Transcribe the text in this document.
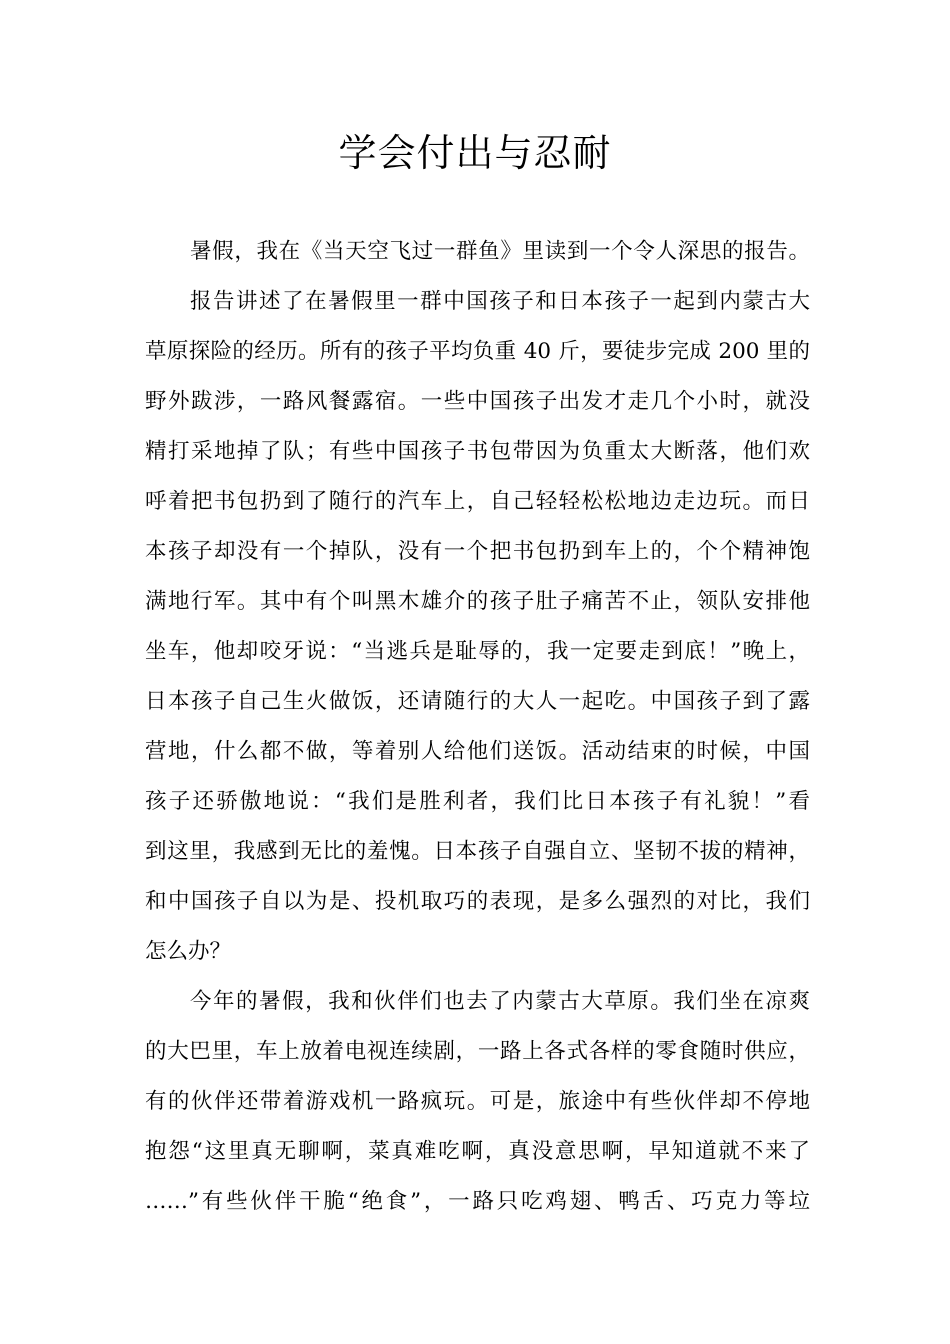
学会付出与忍耐
暑假，我在《当天空飞过一群鱼》里读到一个令人深思的报告。
报告讲述了在暑假里一群中国孩子和日本孩子一起到内蒙古大
草原探险的经历。所有的孩子平均负重 40 斤，要徒步完成 200 里的
野外跋涉，一路风餐露宿。一些中国孩子出发才走几个小时，就没
精打采地掉了队；有些中国孩子书包带因为负重太大断落，他们欢
呼着把书包扔到了随行的汽车上，自己轻轻松松地边走边玩。而日
本孩子却没有一个掉队，没有一个把书包扔到车上的，个个精神饱
满地行军。其中有个叫黑木雄介的孩子肚子痛苦不止，领队安排他
坐车，他却咬牙说：“当逃兵是耻辱的，我一定要走到底！”晚上，
日本孩子自己生火做饭，还请随行的大人一起吃。中国孩子到了露
营地，什么都不做，等着别人给他们送饭。活动结束的时候，中国
孩子还骄傲地说：“我们是胜利者，我们比日本孩子有礼貌！”看
到这里，我感到无比的羞愧。日本孩子自强自立、坚韧不拔的精神，
和中国孩子自以为是、投机取巧的表现，是多么强烈的对比，我们
怎么办？
今年的暑假，我和伙伴们也去了内蒙古大草原。我们坐在凉爽
的大巴里，车上放着电视连续剧，一路上各式各样的零食随时供应，
有的伙伴还带着游戏机一路疯玩。可是，旅途中有些伙伴却不停地
抱怨“这里真无聊啊，菜真难吃啊，真没意思啊，早知道就不来了
……”有些伙伴干脆“绝食”，一路只吃鸡翅、鸭舌、巧克力等垃
